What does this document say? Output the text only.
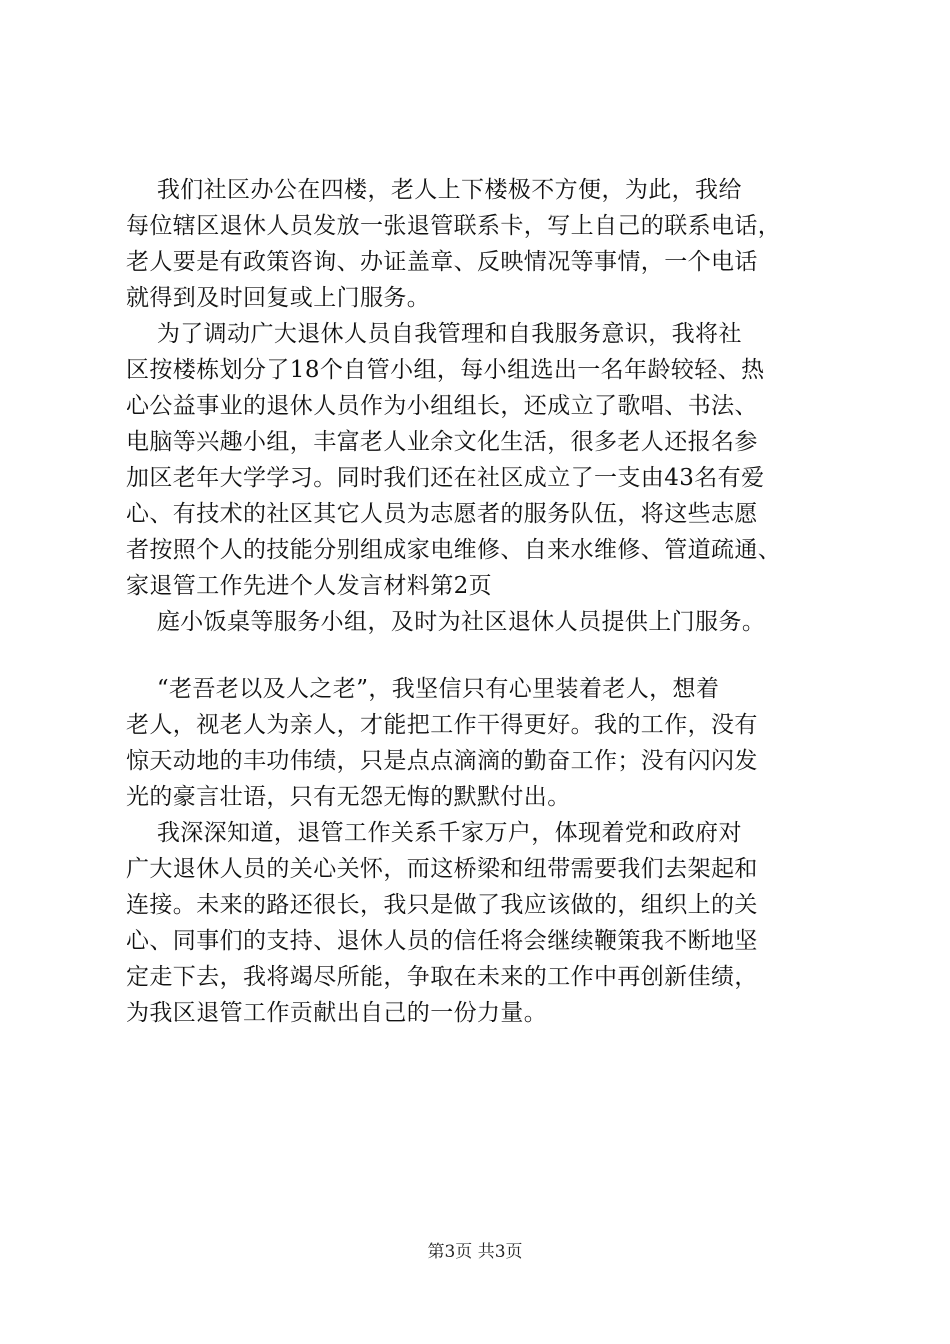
我们社区办公在四楼，老人上下楼极不方便，为此，我给
每位辖区退休人员发放一张退管联系卡，写上自己的联系电话，
老人要是有政策咨询、办证盖章、反映情况等事情，一个电话
就得到及时回复或上门服务。
为了调动广大退休人员自我管理和自我服务意识，我将社
区按楼栋划分了18个自管小组，每小组选出一名年龄较轻、热
心公益事业的退休人员作为小组组长，还成立了歌唱、书法、
电脑等兴趣小组，丰富老人业余文化生活，很多老人还报名参
加区老年大学学习。同时我们还在社区成立了一支由43名有爱
心、有技术的社区其它人员为志愿者的服务队伍，将这些志愿
者按照个人的技能分别组成家电维修、自来水维修、管道疏通、
家退管工作先进个人发言材料第2页
庭小饭桌等服务小组，及时为社区退休人员提供上门服务。
“老吾老以及人之老”，我坚信只有心里装着老人，想着
老人，视老人为亲人，才能把工作干得更好。我的工作，没有
惊天动地的丰功伟绩，只是点点滴滴的勤奋工作；没有闪闪发
光的豪言壮语，只有无怨无悔的默默付出。
我深深知道，退管工作关系千家万户，体现着党和政府对
广大退休人员的关心关怀，而这桥梁和纽带需要我们去架起和
连接。未来的路还很长，我只是做了我应该做的，组织上的关
心、同事们的支持、退休人员的信任将会继续鞭策我不断地坚
定走下去，我将竭尽所能，争取在未来的工作中再创新佳绩，
为我区退管工作贡献出自己的一份力量。
第3页 共3页
